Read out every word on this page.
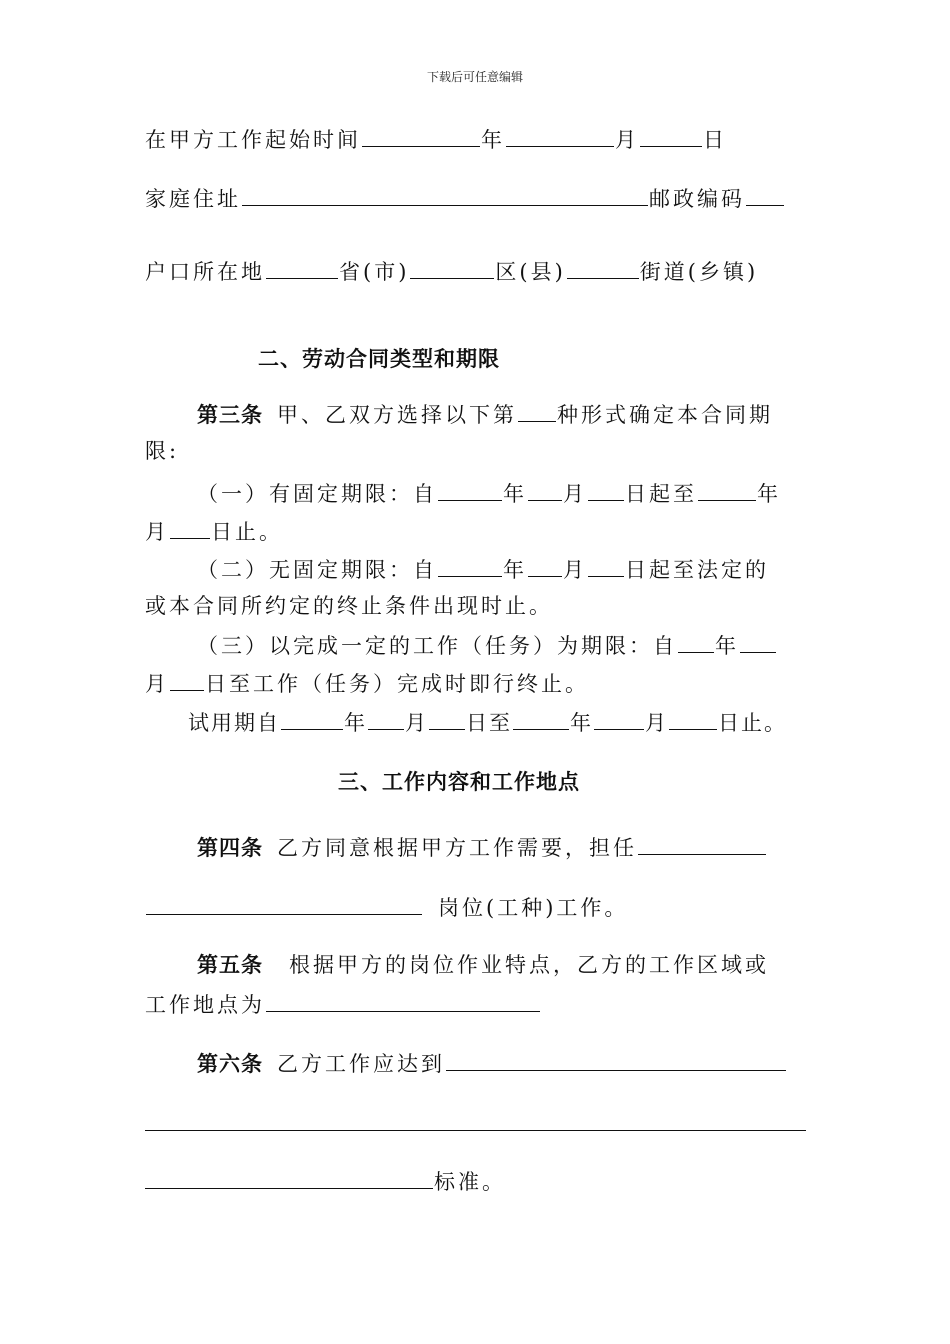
下载后可任意编辑
在甲方工作起始时间	年	月	日
家庭住址	邮政编码
户口所在地	省(市)	区(县)	街道(乡镇)
二、劳动合同类型和期限
第三条 甲、乙双方选择以下第 种形式确定本合同期
限:
（一）有固定期限：自	年 月 日起至	年
月 日止。
（二）无固定期限：自	年 月 日起至法定的
或本合同所约定的终止条件出现时止。
（三）以完成一定的工作（任务）为期限：自 年
月 日至工作（任务）完成时即行终止。
试用期自	年 月 日至	年 月 日止。
三、工作内容和工作地点
第四条 乙方同意根据甲方工作需要，担任
岗位(工种)工作。
第五条 根据甲方的岗位作业特点，乙方的工作区域或
工作地点为
第六条 乙方工作应达到
标准。
